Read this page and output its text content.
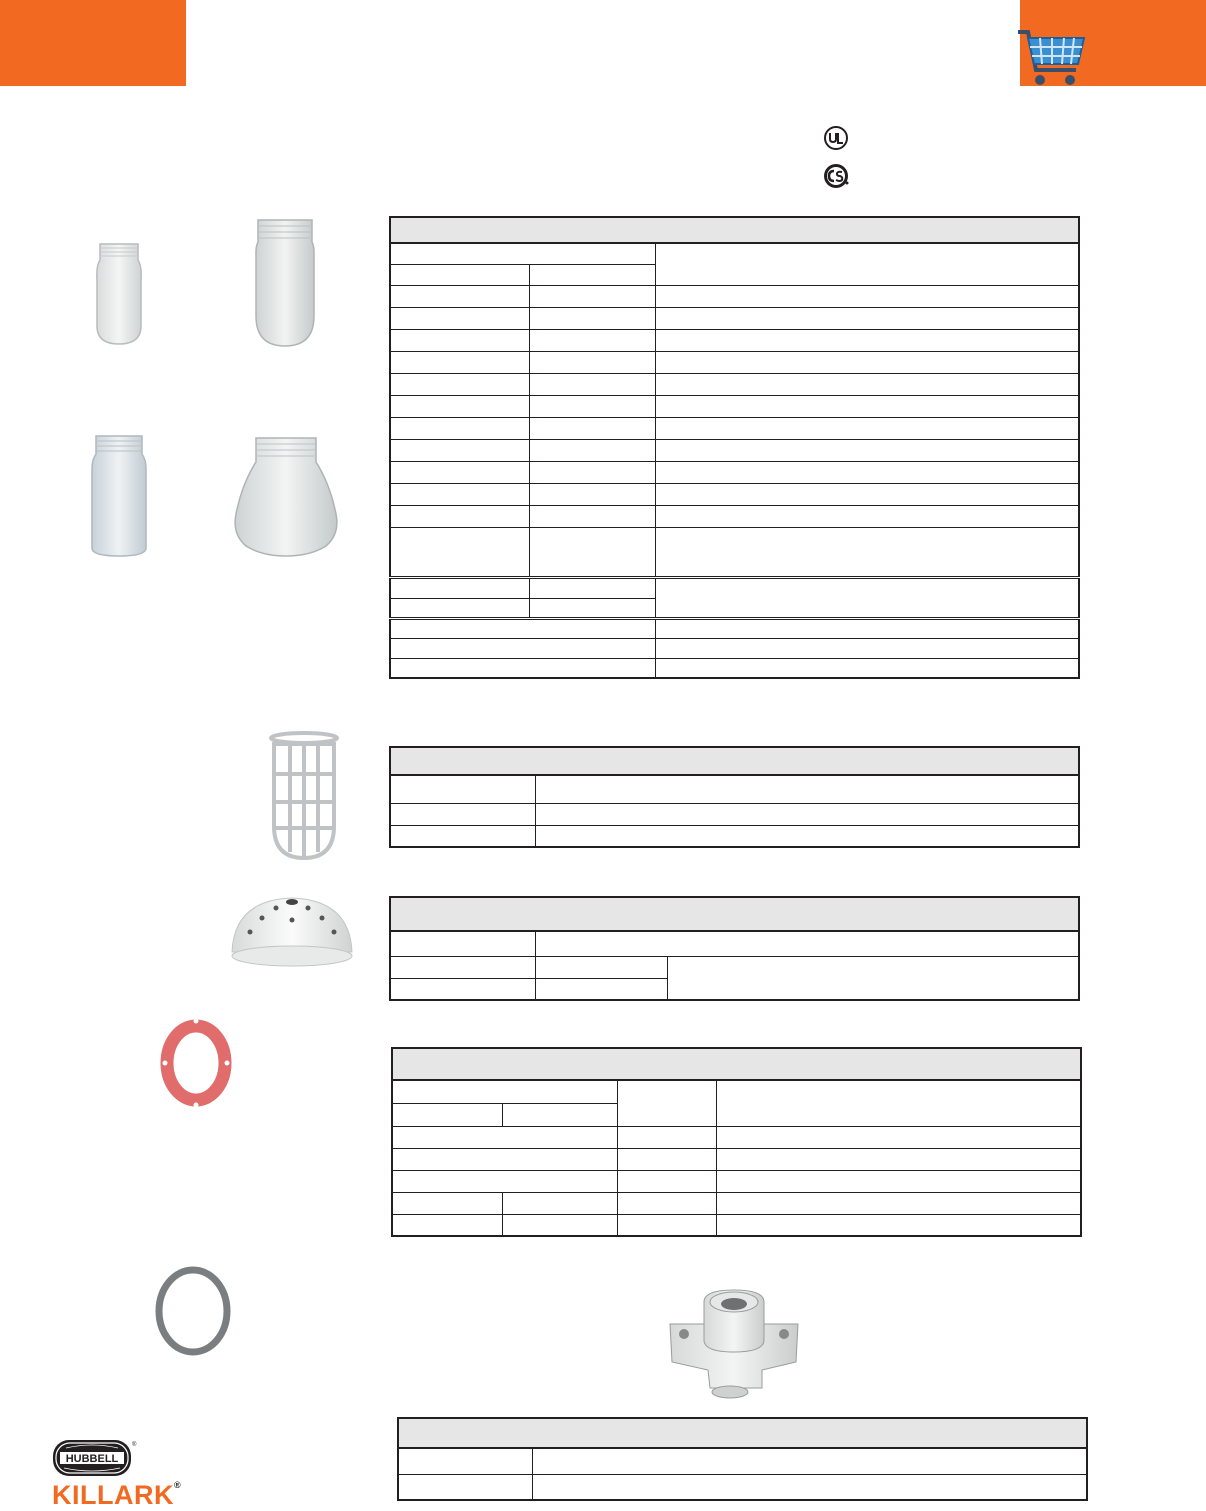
HUBBELL
®
KILLARK®
